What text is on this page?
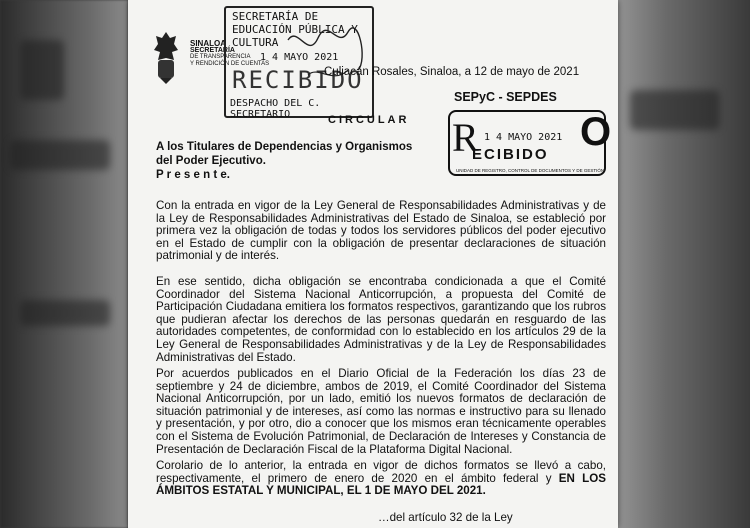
SINALOA
SECRETARÍA
DE TRANSPARENCIA
Y RENDICIÓN DE CUENTAS
SECRETARÍA DE EDUCACIÓN PÚBLICA Y CULTURA
1 4 MAYO 2021
RECIBIDO
DESPACHO DEL C. SECRETARIO
Culiacán Rosales, Sinaloa, a 12 de mayo de 2021
CIRCULAR
SEPyC - SEPDES
R 1 4 MAYO 2021
ECIBIDO
O
UNIDAD DE REGISTRO, CONTROL DE DOCUMENTOS Y DE GESTIÓN
A los Titulares de Dependencias y Organismos
del Poder Ejecutivo.
P r e s e n t e.
Con la entrada en vigor de la Ley General de Responsabilidades Administrativas y de la Ley de Responsabilidades Administrativas del Estado de Sinaloa, se estableció por primera vez la obligación de todas y todos los servidores públicos del poder ejecutivo en el Estado de cumplir con la obligación de presentar declaraciones de situación patrimonial y de interés.
En ese sentido, dicha obligación se encontraba condicionada a que el Comité Coordinador del Sistema Nacional Anticorrupción, a propuesta del Comité de Participación Ciudadana emitiera los formatos respectivos, garantizando que los rubros que pudieran afectar los derechos de las personas quedarán en resguardo de las autoridades competentes, de conformidad con lo establecido en los artículos 29 de la Ley General de Responsabilidades Administrativas y de la Ley de Responsabilidades Administrativas del Estado.
Por acuerdos publicados en el Diario Oficial de la Federación los días 23 de septiembre y 24 de diciembre, ambos de 2019, el Comité Coordinador del Sistema Nacional Anticorrupción, por un lado, emitió los nuevos formatos de declaración de situación patrimonial y de intereses, así como las normas e instructivo para su llenado y presentación, y por otro, dio a conocer que los mismos eran técnicamente operables con el Sistema de Evolución Patrimonial, de Declaración de Intereses y Constancia de Presentación de Declaración Fiscal de la Plataforma Digital Nacional.
Corolario de lo anterior, la entrada en vigor de dichos formatos se llevó a cabo, respectivamente, el primero de enero de 2020 en el ámbito federal y EN LOS ÁMBITOS ESTATAL Y MUNICIPAL, EL 1 DE MAYO DEL 2021.
…del artículo 32 de la Ley
